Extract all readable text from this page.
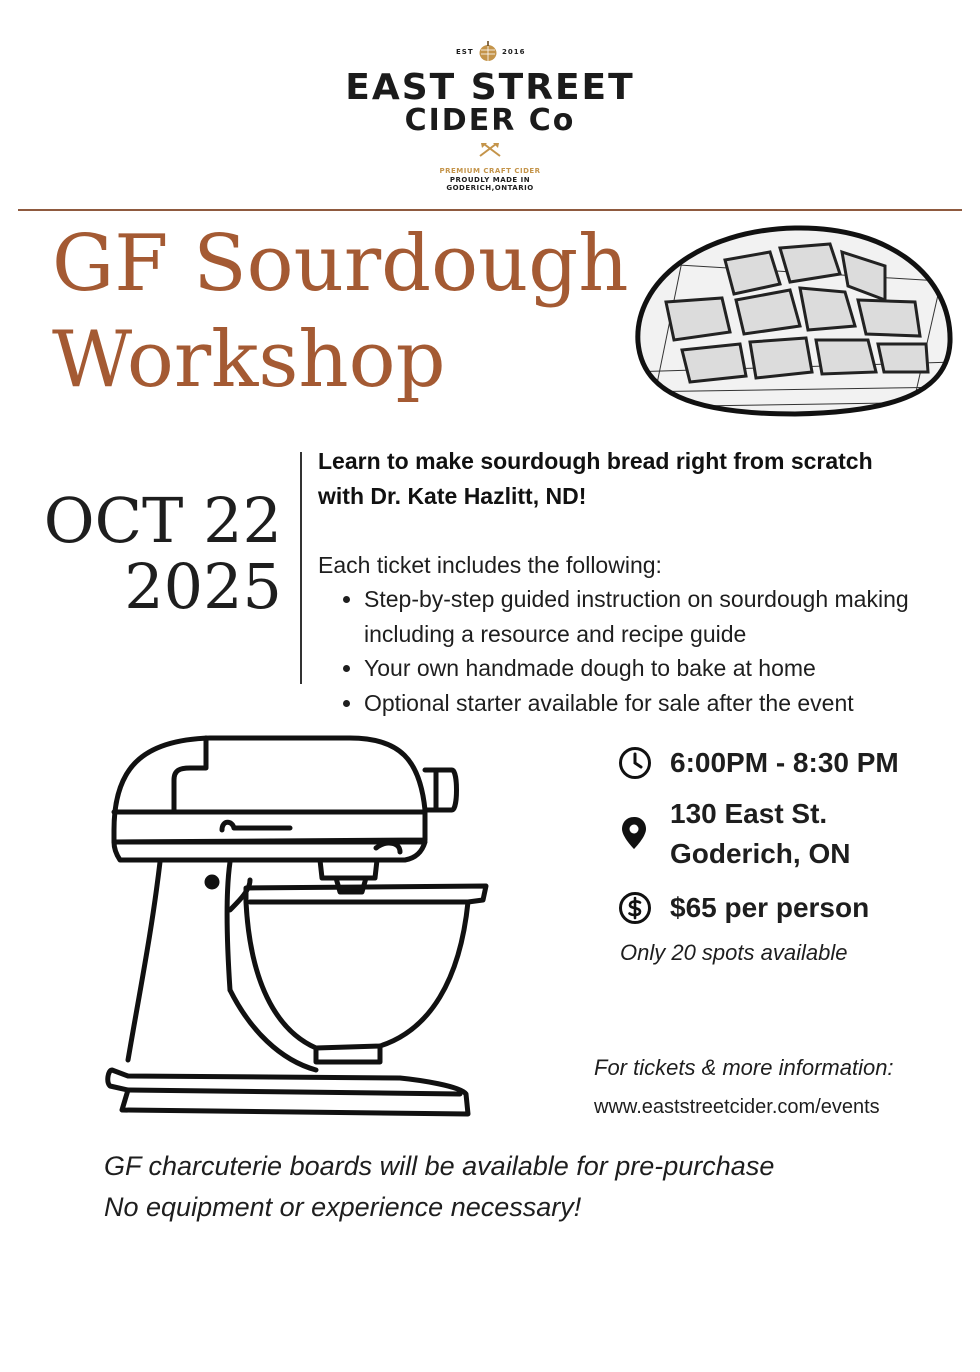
EST	2016
EAST STREET
CIDER Co
PREMIUM CRAFT CIDER
PROUDLY MADE IN
GODERICH,ONTARIO
GF Sourdough
Workshop
OCT 22
2025
Learn to make sourdough bread right from scratch
with Dr. Kate Hazlitt, ND!
Each ticket includes the following:
• Step-by-step guided instruction on sourdough making including a resource and recipe guide
• Your own handmade dough to bake at home
• Optional starter available for sale after the event
6:00PM - 8:30 PM
130 East St.
Goderich, ON
$65 per person
Only 20 spots available
For tickets & more information:
www.eaststreetcider.com/events
GF charcuterie boards will be available for pre-purchase
No equipment or experience necessary!
